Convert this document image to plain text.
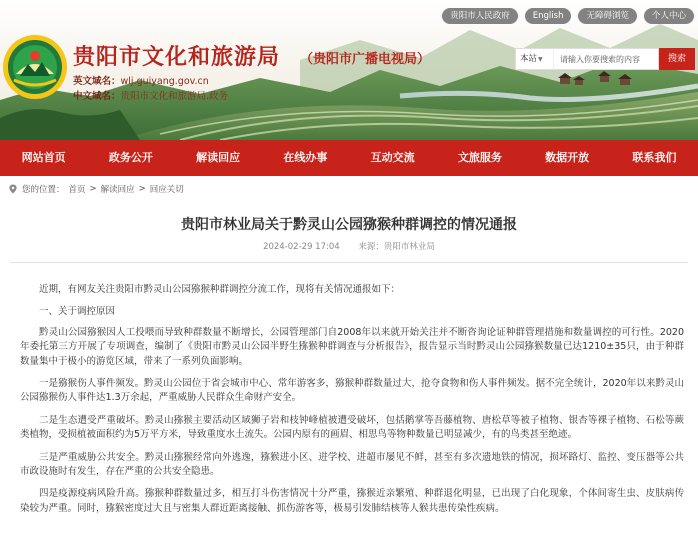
贵阳市文化和旅游局 （贵阳市广播电视局）
英文域名：wlj.guiyang.gov.cn
中文域名：贵阳市文化和旅游局.政务
贵阳市人民政府	English	无障碍浏览	个人中心
本站▼
请输入你要搜索的内容	搜索
网站首页	政务公开	解读回应	在线办事	互动交流	文旅服务	数据开放	联系我们
您的位置： 首页 > 解读回应 > 回应关切
贵阳市林业局关于黔灵山公园猕猴种群调控的情况通报
2024-02-29 17:04 来源：贵阳市林业局

近期，有网友关注贵阳市黔灵山公园猕猴种群调控分流工作，现将有关情况通报如下：

一、关于调控原因

黔灵山公园猕猴因人工投喂而导致种群数量不断增长，公园管理部门自2008年以来就开始关注并不断咨询论证种群管理措施和数量调控的可行性。2020年委托第三方开展了专项调查，编制了《贵阳市黔灵山公园半野生猕猴种群调查与分析报告》，报告显示当时黔灵山公园猕猴数量已达1210±35只，由于种群数量集中于极小的游览区域，带来了一系列负面影响。

一是猕猴伤人事件频发。黔灵山公园位于省会城市中心、常年游客多，猕猴种群数量过大，抢夺食物和伤人事件频发。据不完全统计，2020年以来黔灵山公园猕猴伤人事件达1.3万余起，严重威胁人民群众生命财产安全。

二是生态遭受严重破坏。黔灵山猕猴主要活动区域狮子岩和枝钟峰植被遭受破坏，包括鹅掌等吾藤植物、唐松草等被子植物、银杏等裸子植物、石松等蕨类植物，受损植被面积约为5万平方米，导致重度水土流失。公园内原有的画眉、相思鸟等物种数量已明显减少，有的鸟类甚至绝迹。

三是严重威胁公共安全。黔灵山猕猴经常向外逃逸，猕猴进小区、进学校、进超市屡见不鲜，甚至有多次遗地铁的情况，损坏路灯、监控、变压器等公共市政设施时有发生，存在严重的公共安全隐患。

四是疫源疫病风险升高。猕猴种群数量过多，相互打斗伤害情况十分严重，猕猴近亲繁殖、种群退化明显，已出现了白化现象，个体间寄生虫、皮肤病传染较为严重。同时，猕猴密度过大且与密集人群近距离接触、抓伤游客等，极易引发肺结核等人猴共患传染性疾病。
